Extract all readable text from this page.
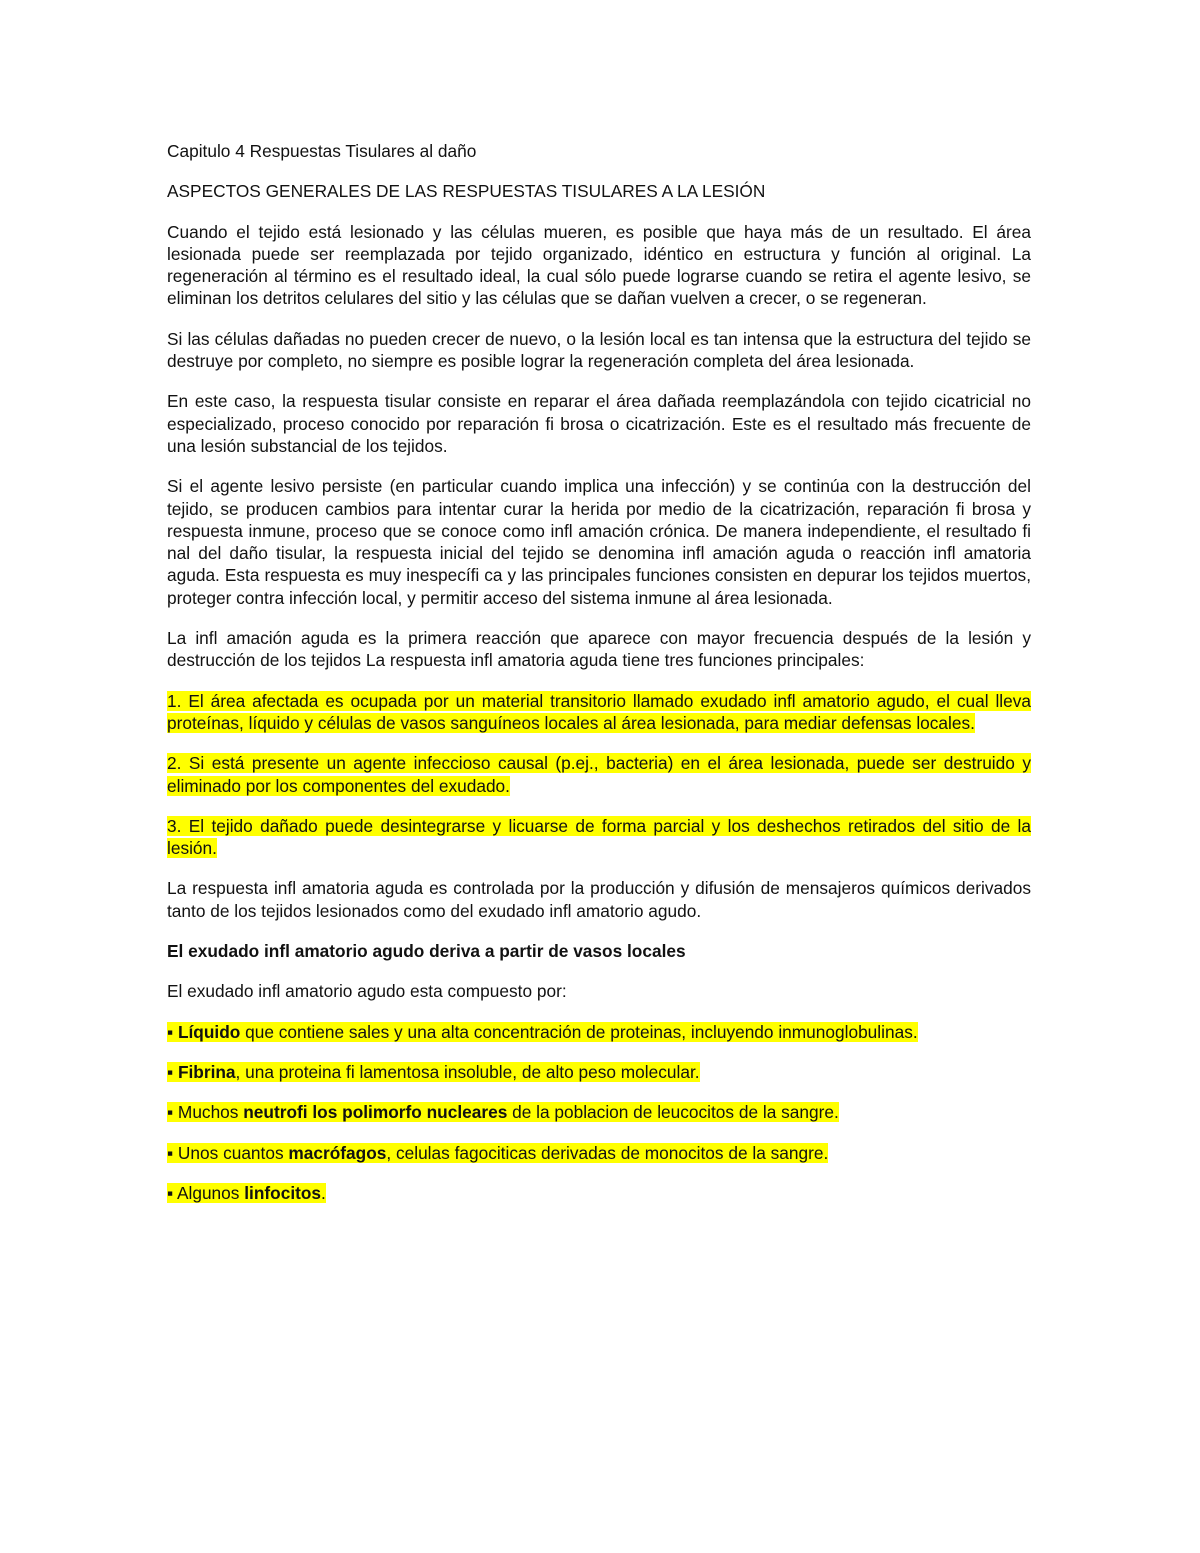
Capitulo 4 Respuestas Tisulares al daño

ASPECTOS GENERALES DE LAS RESPUESTAS TISULARES A LA LESIÓN

Cuando el tejido está lesionado y las células mueren, es posible que haya más de un resultado. El área lesionada puede ser reemplazada por tejido organizado, idéntico en estructura y función al original. La regeneración al término es el resultado ideal, la cual sólo puede lograrse cuando se retira el agente lesivo, se eliminan los detritos celulares del sitio y las células que se dañan vuelven a crecer, o se regeneran.

Si las células dañadas no pueden crecer de nuevo, o la lesión local es tan intensa que la estructura del tejido se destruye por completo, no siempre es posible lograr la regeneración completa del área lesionada.

En este caso, la respuesta tisular consiste en reparar el área dañada reemplazándola con tejido cicatricial no especializado, proceso conocido por reparación fi brosa o cicatrización. Este es el resultado más frecuente de una lesión substancial de los tejidos.

Si el agente lesivo persiste (en particular cuando implica una infección) y se continúa con la destrucción del tejido, se producen cambios para intentar curar la herida por medio de la cicatrización, reparación fi brosa y respuesta inmune, proceso que se conoce como infl amación crónica. De manera independiente, el resultado fi nal del daño tisular, la respuesta inicial del tejido se denomina infl amación aguda o reacción infl amatoria aguda. Esta respuesta es muy inespecífi ca y las principales funciones consisten en depurar los tejidos muertos, proteger contra infección local, y permitir acceso del sistema inmune al área lesionada.

La infl amación aguda es la primera reacción que aparece con mayor frecuencia después de la lesión y destrucción de los tejidos La respuesta infl amatoria aguda tiene tres funciones principales:

1. El área afectada es ocupada por un material transitorio llamado exudado infl amatorio agudo, el cual lleva proteínas, líquido y células de vasos sanguíneos locales al área lesionada, para mediar defensas locales.

2. Si está presente un agente infeccioso causal (p.ej., bacteria) en el área lesionada, puede ser destruido y eliminado por los componentes del exudado.

3. El tejido dañado puede desintegrarse y licuarse de forma parcial y los deshechos retirados del sitio de la lesión.

La respuesta infl amatoria aguda es controlada por la producción y difusión de mensajeros químicos derivados tanto de los tejidos lesionados como del exudado infl amatorio agudo.

El exudado infl amatorio agudo deriva a partir de vasos locales

El exudado infl amatorio agudo esta compuesto por:

▪ Líquido que contiene sales y una alta concentración de proteinas, incluyendo inmunoglobulinas.

▪ Fibrina, una proteina fi lamentosa insoluble, de alto peso molecular.

▪ Muchos neutrofi los polimorfo nucleares de la poblacion de leucocitos de la sangre.

▪ Unos cuantos macrófagos, celulas fagociticas derivadas de monocitos de la sangre.

▪ Algunos linfocitos.
